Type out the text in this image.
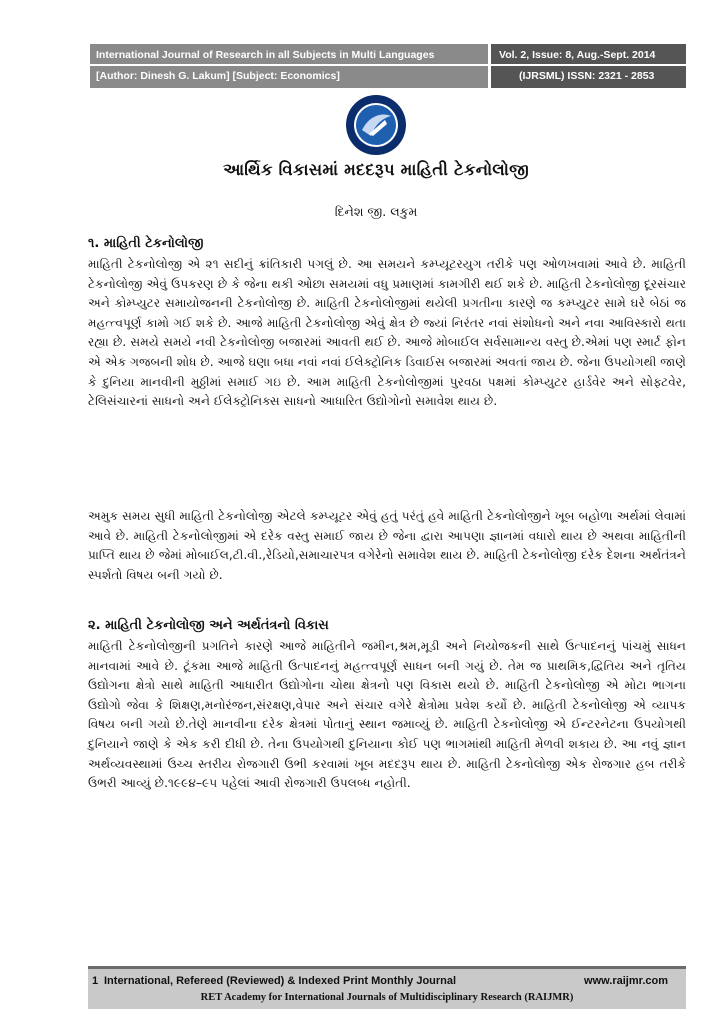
International Journal of Research in all Subjects in Multi Languages
[Author: Dinesh G. Lakum] [Subject: Economics]
Vol. 2, Issue: 8, Aug.-Sept. 2014
(IJRSML) ISSN: 2321 - 2853
આર્થિક વિકાસમાં મદદરૂપ માહિતી ટેકનોલોજી
દિનેશ જી. લકુમ
૧. માહિતી ટેકનોલોજી
માહિતી ટેકનોલોજી એ ૨૧ સદીનું ક્રાંતિકારી પગલું છે. આ સમયને કમ્પ્યૂટરયુગ તરીકે પણ ઓળખવામાં આવે છે. માહિતી ટેકનોલોજી એવું ઉપકરણ છે કે જેના થકી ઓછા સમયમાં વધુ પ્રમાણમાં કામગીરી થઈ શકે છે. માહિતી ટેકનોલોજી દૂરસંચાર અને કોમ્પ્યુટર સમાયોજનની ટેકનોલોજી છે. માહિતી ટેકનોલોજીમાં થયેલી પ્રગતીના કારણે જ કમ્પ્યુટર સામે ઘરે બેઠાં જ મહત્ત્વપૂર્ણ કામો ગઈ શકે છે. આજે માહિતી ટેકનોલોજી એવું ક્ષેત્ર છે જ્યાં નિરંતર નવાં સંશોધનો અને નવા આવિસ્કારો થતા રહ્યા છે. સમયે સમયે નવી ટેકનોલોજી બજારમાં આવતી થઈ છે. આજે મોબાઈલ સર્વસામાન્ય વસ્તુ છે.એમાં પણ સ્માર્ટ ફોન એ એક ગજબની શોધ છે. આજે ઘણા બધા નવાં નવાં ઈલેક્ટ્રોનિક ડિવાઈસ બજારમાં અવતાં જાય છે. જેના ઉપયોગથી જાણે કે દુનિયા માનવીની મુઠ્ઠીમાં સમાઈ ગઇ છે. આમ માહિતી ટેકનોલોજીમાં પુરવઠા પક્ષમાં કોમ્પ્યુટર હાર્ડવેર અને સોફ્ટવેર, ટેલિસંચારનાં સાધનો અને ઈલેક્ટ્રોનિક્સ સાધનો આધારિત ઉદ્યોગોનો સમાવેશ થાય છે.
અમુક સમય સુધી માહિતી ટેકનોલોજી એટલે કમ્પ્યૂટર એવું હતું પરંતું હવે માહિતી ટેકનોલોજીને ખૂબ બહોળા અર્થમાં લેવામાં આવે છે. માહિતી ટેકનોલોજીમાં એ દરેક વસ્તુ સમાઈ જાય છે જેના દ્વારા આપણા જ્ઞાનમાં વધારો થાય છે અથવા માહિતીની પ્રાપ્તિ થાય છે જેમાં મોબાઈલ,ટી.વી.,રેડિયો,સમાચારપત્ર વગેરેનો સમાવેશ થાય છે. માહિતી ટેકનોલોજી દરેક દેશના અર્થતંત્રને સ્પર્શતો વિષય બની ગયો છે.
૨. માહિતી ટેકનોલોજી અને અર્થતંત્રનો વિકાસ
માહિતી ટેકનોલોજીની પ્રગતિને કારણે આજે માહિતીને જમીન,શ્રમ,મૂડી અને નિયોજકની સાથે ઉત્પાદનનું પાંચમું સાધન માનવામાં આવે છે. ટૂંકમા આજે માહિતી ઉત્પાદનનું મહત્ત્વપૂર્ણ સાધન બની ગયું છે. તેમ જ પ્રાથમિક,દ્વિતિય અને તૃતિય ઉદ્યોગના ક્ષેત્રો સાથે માહિતી આધારીત ઉદ્યોગોના ચોથા ક્ષેત્રનો પણ વિકાસ થયો છે. માહિતી ટેકનોલોજી એ મોટા ભાગના ઉદ્યોગો જેવા કે શિક્ષણ,મનોરંજન,સંરક્ષણ,વેપાર અને સંચાર વગેરે ક્ષેત્રોમા પ્રવેશ કર્યો છે. માહિતી ટેકનોલોજી એ વ્યાપક વિષય બની ગયો છે.તેણે માનવીના દરેક ક્ષેત્રમાં પોતાનું સ્થાન જમાવ્યું છે. માહિતી ટેકનોલોજી એ ઈન્ટરનેટના ઉપયોગથી દુનિયાને જાણે કે એક કરી દીધી છે. તેના ઉપયોગથી દુનિયાના કોઈ પણ ભાગમાંથી માહિતી મેળવી શકાય છે. આ નવું જ્ઞાન અર્થવ્યવસ્થામાં ઉચ્ચ સ્તરીય રોજગારી ઉભી કરવામાં ખૂબ મદદરૂપ થાય છે. માહિતી ટેકનોલોજી એક રોજગાર હબ તરીકે ઉભરી આવ્યું છે.૧૯૯૪–૯૫ પહેલાં આવી રોજગારી ઉપલબ્ધ નહોતી.
1 International, Refereed (Reviewed) & Indexed Print Monthly Journal	www.raijmr.com
RET Academy for International Journals of Multidisciplinary Research (RAIJMR)
